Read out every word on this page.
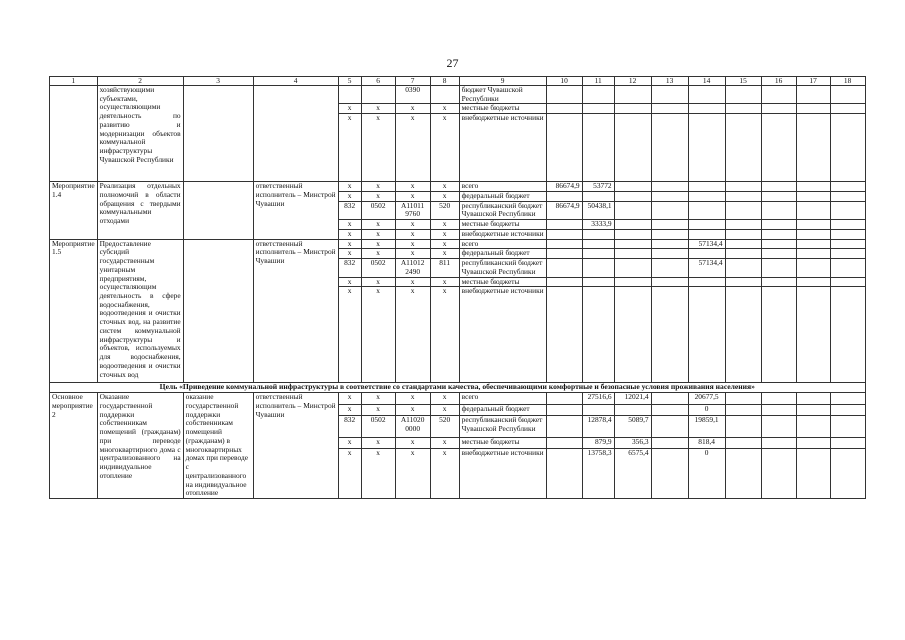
27
1	2	3	4	5	6	7	8	9	10	11	12	13	14	15	16	17	18
	хозяйствующими субъектами, осуществляющими деятельность по развитию и модернизации объектов коммунальной инфраструктуры Чувашской Республики					0390		бюджет Чувашской Республики									
				x	x	x	x	местные бюджеты									
				x	x	x	x	внебюджетные источники									
Мероприятие 1.4	Реализация отдельных полномочий в области обращения с твердыми коммунальными отходами		ответственный исполнитель – Минстрой Чувашии	x	x	x	x	всего	86674,9	53772							
				x	x	x	x	федеральный бюджет									
				832	0502	A11011 9760	520	республиканский бюджет Чувашской Республики	86674,9	50438,1							
				x	x	x	x	местные бюджеты		3333,9							
				x	x	x	x	внебюджетные источники									
Мероприятие 1.5	Предоставление субсидий государственным унитарным предприятиям, осуществляющим деятельность в сфере водоснабжения, водоотведения и очистки сточных вод, на развитие систем коммунальной инфраструктуры и объектов, используемых для водоснабжения, водоотведения и очистки сточных вод		ответственный исполнитель – Минстрой Чувашии	x	x	x	x	всего					57134,4				
				x	x	x	x	федеральный бюджет									
				832	0502	A11012 2490	811	республиканский бюджет Чувашской Республики					57134,4				
				x	x	x	x	местные бюджеты									
				x	x	x	x	внебюджетные источники									
Цель «Приведение коммунальной инфраструктуры в соответствие со стандартами качества, обеспечивающими комфортные и безопасные условия проживания населения»																	
Основное мероприятие 2	Оказание государственной поддержки собственникам помещений (гражданам) при переводе многоквартирного дома с централизованного на индивидуальное отопление	оказание государственной поддержки собственникам помещений (гражданам) в многоквартирных домах при переводе с централизованного на индивидуальное отопление	ответственный исполнитель – Минстрой Чувашии	x	x	x	x	всего		27516,6	12021,4		20677,5				
				x	x	x	x	федеральный бюджет					0				
				832	0502	A11020 0000	520	республиканский бюджет Чувашской Республики		12878,4	5089,7		19859,1				
				x	x	x	x	местные бюджеты		879,9	356,3		818,4				
				x	x	x	x	внебюджетные источники		13758,3	6575,4		0				
